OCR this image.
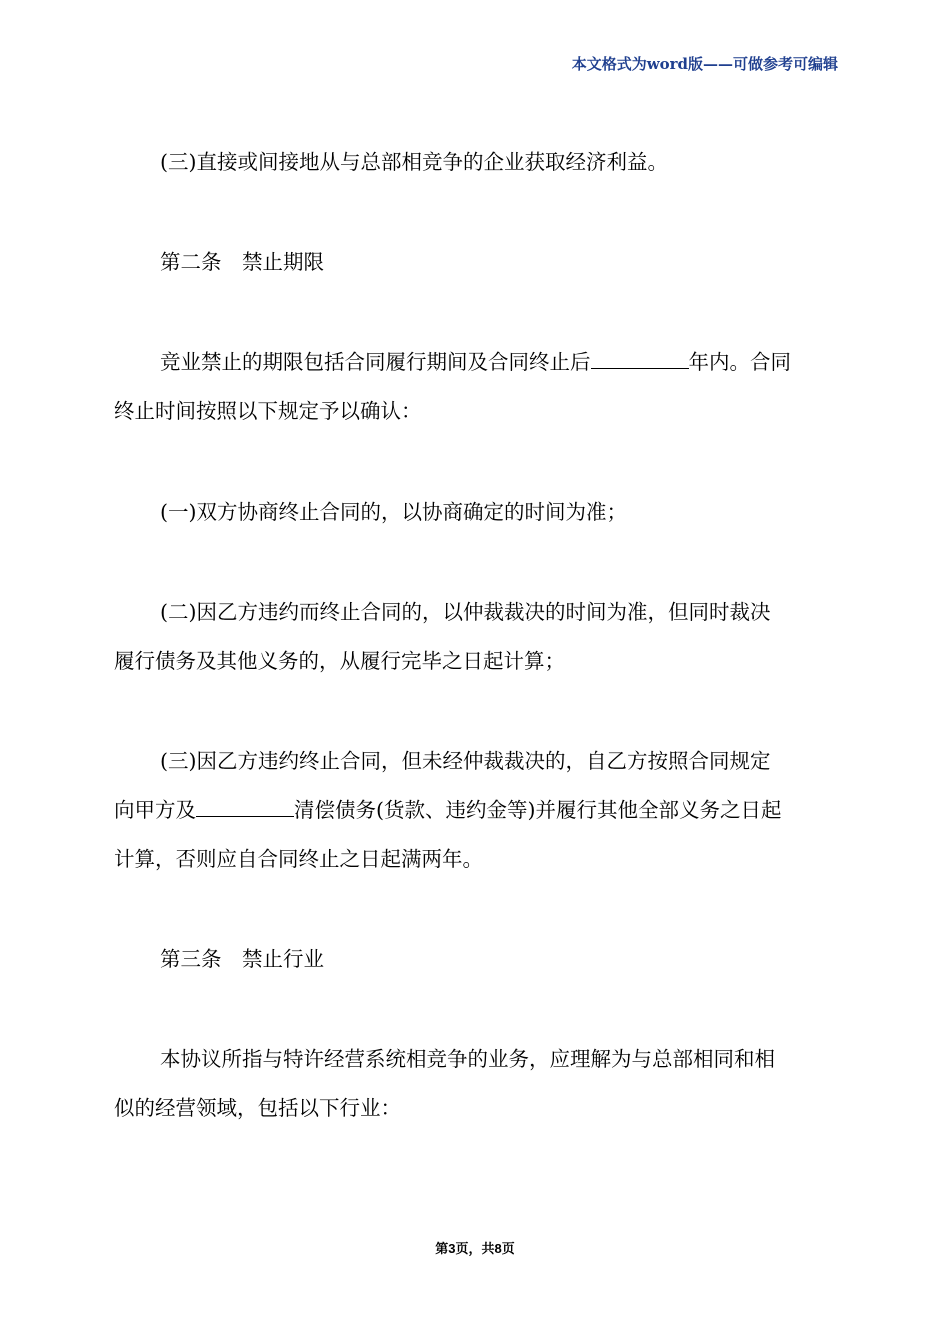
本文格式为word版——可做参考可编辑
(三)直接或间接地从与总部相竞争的企业获取经济利益。
第二条　禁止期限
竞业禁止的期限包括合同履行期间及合同终止后	年内。合同
终止时间按照以下规定予以确认：
(一)双方协商终止合同的，以协商确定的时间为准；
(二)因乙方违约而终止合同的，以仲裁裁决的时间为准，但同时裁决
履行债务及其他义务的，从履行完毕之日起计算；
(三)因乙方违约终止合同，但未经仲裁裁决的，自乙方按照合同规定
向甲方及	清偿债务(货款、违约金等)并履行其他全部义务之日起
计算，否则应自合同终止之日起满两年。
第三条　禁止行业
本协议所指与特许经营系统相竞争的业务，应理解为与总部相同和相
似的经营领域，包括以下行业：
第3页，共8页
